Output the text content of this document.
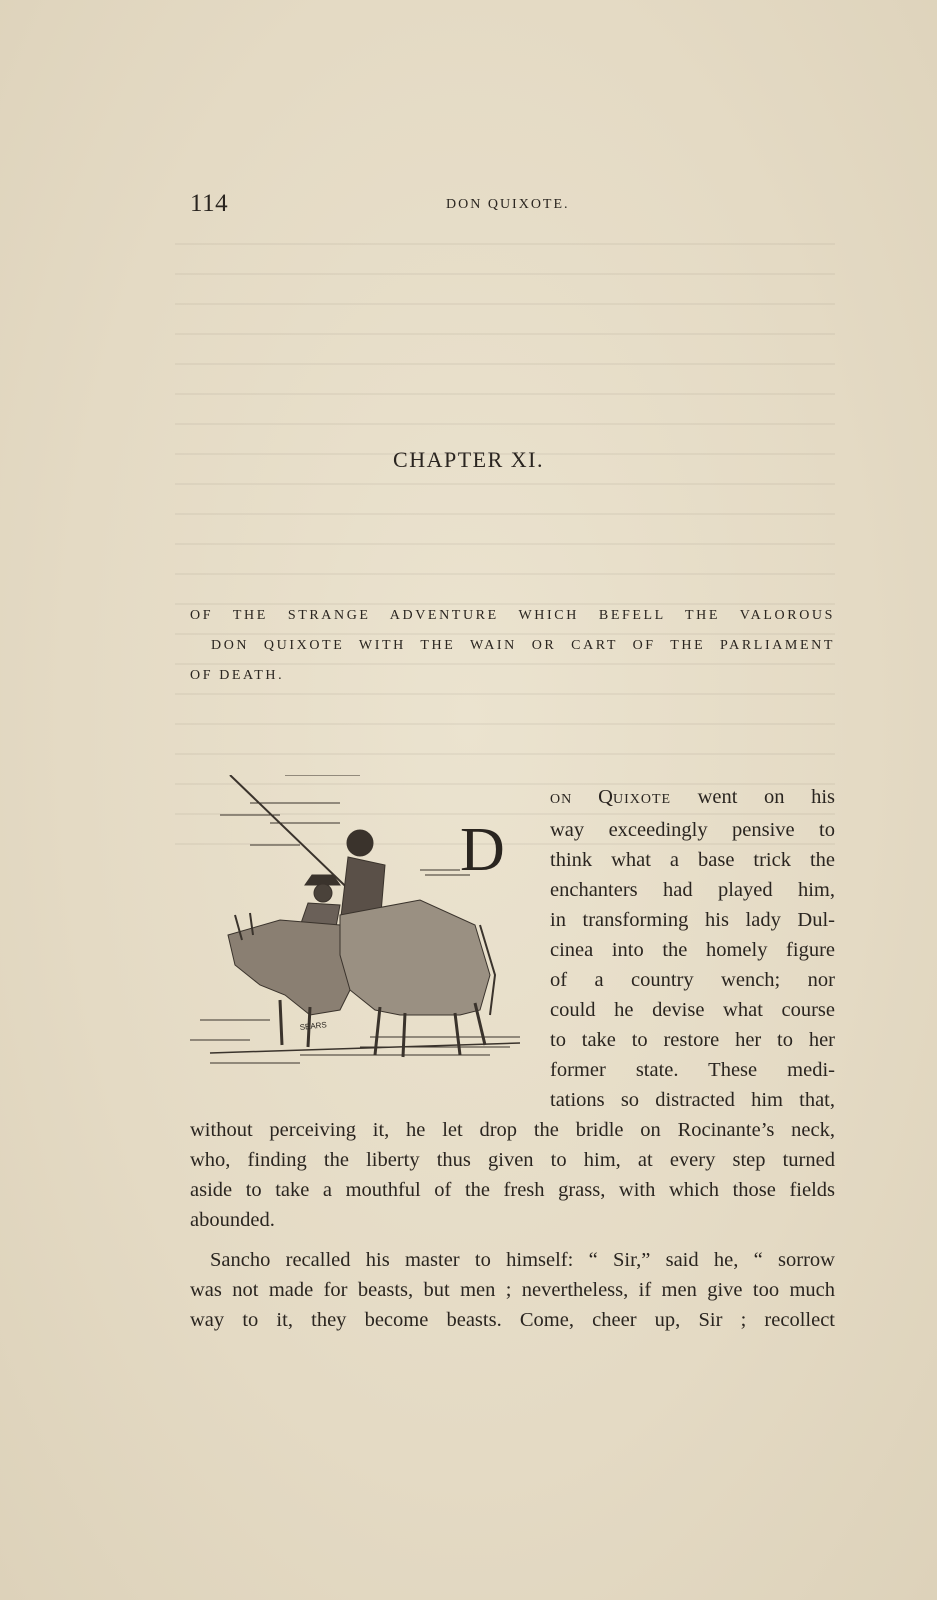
114	DON QUIXOTE.
CHAPTER XI.
OF THE STRANGE ADVENTURE WHICH BEFELL THE VALOROUS
DON QUIXOTE WITH THE WAIN OR CART OF THE PARLIAMENT
OF DEATH.
D
SEARS
ON QUIXOTE went on his
way exceedingly pensive to
think what a base trick the
enchanters had played him,
in transforming his lady Dul-
cinea into the homely figure
of a country wench; nor
could he devise what course
to take to restore her to her
former state. These medi-
tations so distracted him that,
without perceiving it, he let drop the bridle on Rocinante’s neck,
who, finding the liberty thus given to him, at every step turned
aside to take a mouthful of the fresh grass, with which those fields
abounded.
Sancho recalled his master to himself: “ Sir,” said he, “ sorrow
was not made for beasts, but men ; nevertheless, if men give too much
way to it, they become beasts. Come, cheer up, Sir ; recollect
